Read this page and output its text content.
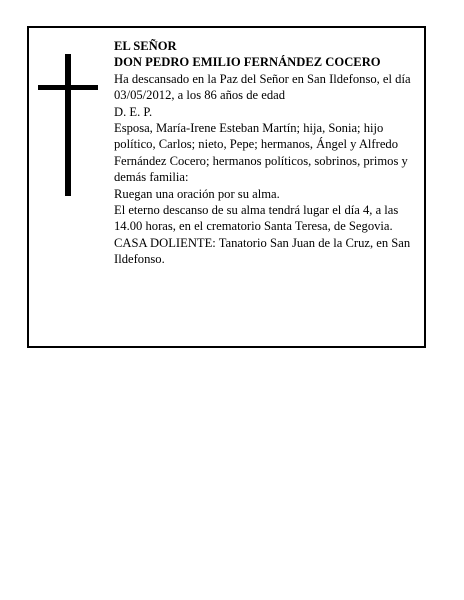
EL SEÑOR

DON PEDRO EMILIO FERNÁNDEZ COCERO

Ha descansado en la Paz del Señor en San Ildefonso, el día 03/05/2012, a los 86 años de edad

D. E. P.

Esposa, María-Irene Esteban Martín; hija, Sonia; hijo político, Carlos; nieto, Pepe; hermanos, Ángel y Alfredo Fernández Cocero; hermanos políticos, sobrinos, primos y demás familia:

Ruegan una oración por su alma.

El eterno descanso de su alma tendrá lugar el día 4, a las 14.00 horas, en el crematorio Santa Teresa, de Segovia.

CASA DOLIENTE: Tanatorio San Juan de la Cruz, en San Ildefonso.
